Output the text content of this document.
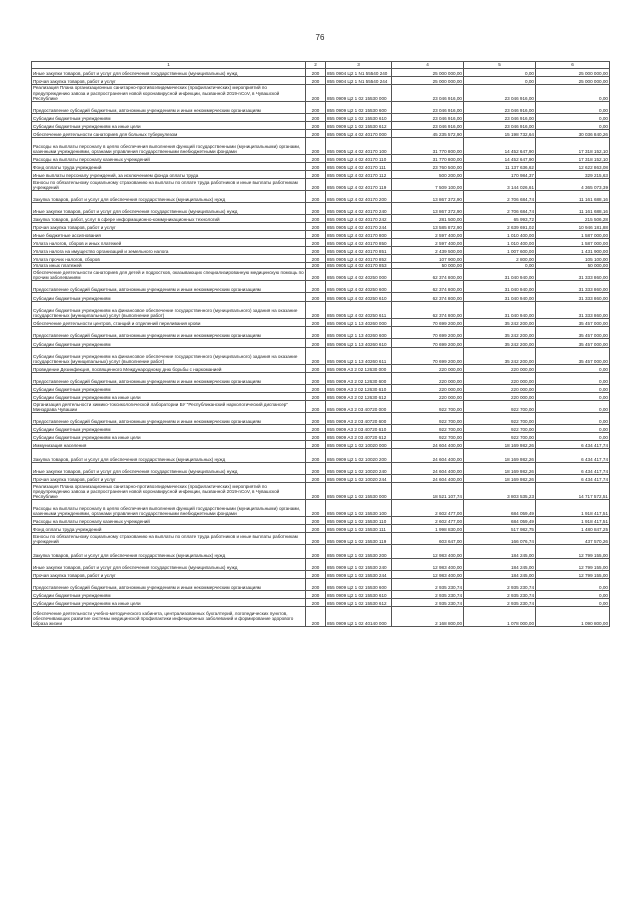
76
1	2	3	4	5	6
Иные закупки товаров, работ и услуг для обеспечения государственных (муниципальных) нужд	200	855 0904 Ц2 1 N1 55540 240	25 000 000,00	0,00	25 000 000,00
Прочая закупка товаров, работ и услуг	200	855 0904 Ц2 1 N1 55540 244	25 000 000,00	0,00	25 000 000,00
Реализация Плана организационных санитарно-противоэпидемических (профилактических) мероприятий по предупреждению завоза и распространения новой коронавирусной инфекции, вызванной 2019-nCoV, в Чувашской Республике	200	855 0909 Ц2 1 02 15530 000	23 046 916,00	23 046 916,00	0,00
Предоставление субсидий бюджетным, автономным учреждениям и иным некоммерческим организациям	200	855 0909 Ц2 1 02 15530 600	23 046 916,00	23 046 916,00	0,00
Субсидии бюджетным учреждениям	200	855 0909 Ц2 1 02 15530 610	23 046 916,00	23 046 916,00	0,00
Субсидии бюджетным учреждениям на иные цели	200	855 0909 Ц2 1 02 15530 612	23 046 916,00	23 046 916,00	0,00
Обеспечение деятельности санаториев для больных туберкулезом	200	855 0905 Ц2 4 02 40170 000	45 235 572,90	15 198 732,64	30 036 840,26
Расходы на выплаты персоналу в целях обеспечения выполнения функций государственными (муниципальными) органами, казенными учреждениями, органами управления государственными внебюджетными фондами	200	855 0905 Ц2 4 02 40170 100	31 770 800,00	14 452 647,90	17 318 152,10
Расходы на выплаты персоналу казенных учреждений	200	855 0905 Ц2 4 02 40170 110	31 770 800,00	14 452 647,90	17 318 152,10
Фонд оплаты труда учреждений	200	855 0905 Ц2 4 02 40170 111	23 760 500,00	11 137 636,62	12 622 863,08
Иные выплаты персоналу учреждений, за исключением фонда оплаты труда	200	855 0905 Ц2 4 02 40170 112	500 200,00	170 984,37	329 215,63
Взносы по обязательному социальному страхованию на выплаты по оплате труда работников и иные выплаты работникам учреждений	200	855 0905 Ц2 4 02 40170 119	7 509 100,00	3 144 026,61	4 365 073,39
Закупка товаров, работ и услуг для обеспечения государственных (муниципальных) нужд	200	855 0905 Ц2 4 02 40170 200	13 867 372,90	2 706 684,74	11 161 688,16
Иные закупки товаров, работ и услуг для обеспечения государственных (муниципальных) нужд	200	855 0905 Ц2 4 02 40170 240	13 867 372,90	2 706 684,74	11 161 688,16
Закупка товаров, работ, услуг в сфере информационно-коммуникационных технологий	200	855 0905 Ц2 4 02 40170 242	281 500,00	65 993,72	215 506,28
Прочая закупка товаров, работ и услуг	200	855 0905 Ц2 4 02 40170 244	13 585 872,90	2 639 691,02	10 946 181,88
Иные бюджетные ассигнования	200	855 0905 Ц2 4 02 40170 800	2 597 400,00	1 010 400,00	1 587 000,00
Уплата налогов, сборов и иных платежей	200	855 0905 Ц2 4 02 40170 850	2 597 400,00	1 010 400,00	1 587 000,00
Уплата налога на имущество организаций и земельного налога	200	855 0905 Ц2 4 02 40170 851	2 439 500,00	1 007 600,00	1 431 900,00
Уплата прочих налогов, сборов	200	855 0905 Ц2 4 02 40170 852	107 900,00	2 800,00	105 100,00
Уплата иных платежей	200	855 0905 Ц2 4 02 40170 853	50 000,00	0,00	50 000,00
Обеспечение деятельности санаториев для детей и подростков, оказывающих специализированную медицинскую помощь по прочим заболеваниям	200	855 0905 Ц2 4 02 40250 000	62 374 800,00	31 040 940,00	31 333 860,00
Предоставление субсидий бюджетным, автономным учреждениям и иным некоммерческим организациям	200	855 0905 Ц2 4 02 40250 600	62 374 800,00	31 040 940,00	31 333 860,00
Субсидии бюджетным учреждениям	200	855 0905 Ц2 4 02 40250 610	62 374 800,00	31 040 940,00	31 333 860,00
Субсидии бюджетным учреждениям на финансовое обеспечение государственного (муниципального) задания на оказание государственных (муниципальных) услуг (выполнение работ)	200	855 0905 Ц2 4 02 40250 611	62 374 800,00	31 040 940,00	31 333 860,00
Обеспечение деятельности центров, станций и отделений переливания крови	200	855 0906 Ц2 1 13 40260 000	70 699 200,00	35 242 200,00	35 457 000,00
Предоставление субсидий бюджетным, автономным учреждениям и иным некоммерческим организациям	200	855 0906 Ц2 1 13 40260 600	70 699 200,00	35 242 200,00	35 457 000,00
Субсидии бюджетным учреждениям	200	855 0906 Ц2 1 13 40260 610	70 699 200,00	35 242 200,00	35 457 000,00
Субсидии бюджетным учреждениям на финансовое обеспечение государственного (муниципального) задания на оказание государственных (муниципальных) услуг (выполнение работ)	200	855 0906 Ц2 1 13 40260 611	70 699 200,00	35 242 200,00	35 457 000,00
Проведение Дезинфекция, посвященного Международному дню борьбы с наркоманией	200	855 0909 А3 2 02 12630 000	220 000,00	220 000,00	0,00
Предоставление субсидий бюджетным, автономным учреждениям и иным некоммерческим организациям	200	855 0909 А3 2 02 12630 600	220 000,00	220 000,00	0,00
Субсидии бюджетным учреждениям	200	855 0909 А3 2 02 12630 610	220 000,00	220 000,00	0,00
Субсидии бюджетным учреждениям на иные цели	200	855 0909 А3 2 02 12630 612	220 000,00	220 000,00	0,00
Организация деятельности химико-токсикологической лаборатории БУ "Республиканский наркологический диспансер" Минздрава Чувашии	200	855 0909 А3 2 03 40720 000	922 700,00	922 700,00	0,00
Предоставление субсидий бюджетным, автономным учреждениям и иным некоммерческим организациям	200	855 0909 А3 2 03 40720 600	922 700,00	922 700,00	0,00
Субсидии бюджетным учреждениям	200	855 0909 А3 2 03 40720 610	922 700,00	922 700,00	0,00
Субсидии бюджетным учреждениям на иные цели	200	855 0909 А3 2 03 40720 612	922 700,00	922 700,00	0,00
Иммунизация населения	200	855 0909 Ц2 1 02 10020 000	24 604 400,00	18 169 982,26	6 434 417,74
Закупка товаров, работ и услуг для обеспечения государственных (муниципальных) нужд	200	855 0909 Ц2 1 02 10020 200	24 604 400,00	18 169 982,26	6 434 417,74
Иные закупки товаров, работ и услуг для обеспечения государственных (муниципальных) нужд	200	855 0909 Ц2 1 02 10020 240	24 604 400,00	18 169 982,26	6 434 417,74
Прочая закупка товаров, работ и услуг	200	855 0909 Ц2 1 02 10020 244	24 604 400,00	18 169 982,26	6 434 417,74
Реализация Плана организационных санитарно-противоэпидемических (профилактических) мероприятий по предупреждению завоза и распространения новой коронавирусной инфекции, вызванной 2019-nCoV, в Чувашской Республике	200	855 0909 Ц2 1 02 15530 000	18 521 107,74	3 803 535,23	14 717 572,51
Расходы на выплаты персоналу в целях обеспечения выполнения функций государственными (муниципальными) органами, казенными учреждениями, органами управления государственными внебюджетными фондами	200	855 0909 Ц2 1 02 15530 100	2 602 477,00	684 059,49	1 918 417,51
Расходы на выплаты персоналу казенных учреждений	200	855 0909 Ц2 1 02 15530 110	2 602 477,00	684 059,49	1 918 417,51
Фонд оплаты труда учреждений	200	855 0909 Ц2 1 02 15530 111	1 998 830,00	517 982,75	1 480 847,25
Взносы по обязательному социальному страхованию на выплаты по оплате труда работников и иные выплаты работникам учреждений	200	855 0909 Ц2 1 02 15530 119	603 647,00	166 076,74	437 570,26
Закупка товаров, работ и услуг для обеспечения государственных (муниципальных) нужд	200	855 0909 Ц2 1 02 15530 200	12 983 400,00	184 245,00	12 799 155,00
Иные закупки товаров, работ и услуг для обеспечения государственных (муниципальных) нужд	200	855 0909 Ц2 1 02 15530 240	12 983 400,00	184 245,00	12 799 155,00
Прочая закупка товаров, работ и услуг	200	855 0909 Ц2 1 02 15530 244	12 983 400,00	184 245,00	12 799 155,00
Предоставление субсидий бюджетным, автономным учреждениям и иным некоммерческим организациям	200	855 0909 Ц2 1 02 15530 600	2 935 230,74	2 935 230,74	0,00
Субсидии бюджетным учреждениям	200	855 0909 Ц2 1 02 15530 610	2 935 230,74	2 935 230,74	0,00
Субсидии бюджетным учреждениям на иные цели	200	855 0909 Ц2 1 02 15530 612	2 935 230,74	2 935 230,74	0,00
Обеспечение деятельности учебно-методического кабинета, централизованных бухгалтерий, логопедических пунктов, обеспечивающих развитие системы медицинской профилактики инфекционных заболеваний и формирование здорового образа жизни	200	855 0909 Ц2 1 02 40140 000	2 168 800,00	1 078 000,00	1 090 800,00
